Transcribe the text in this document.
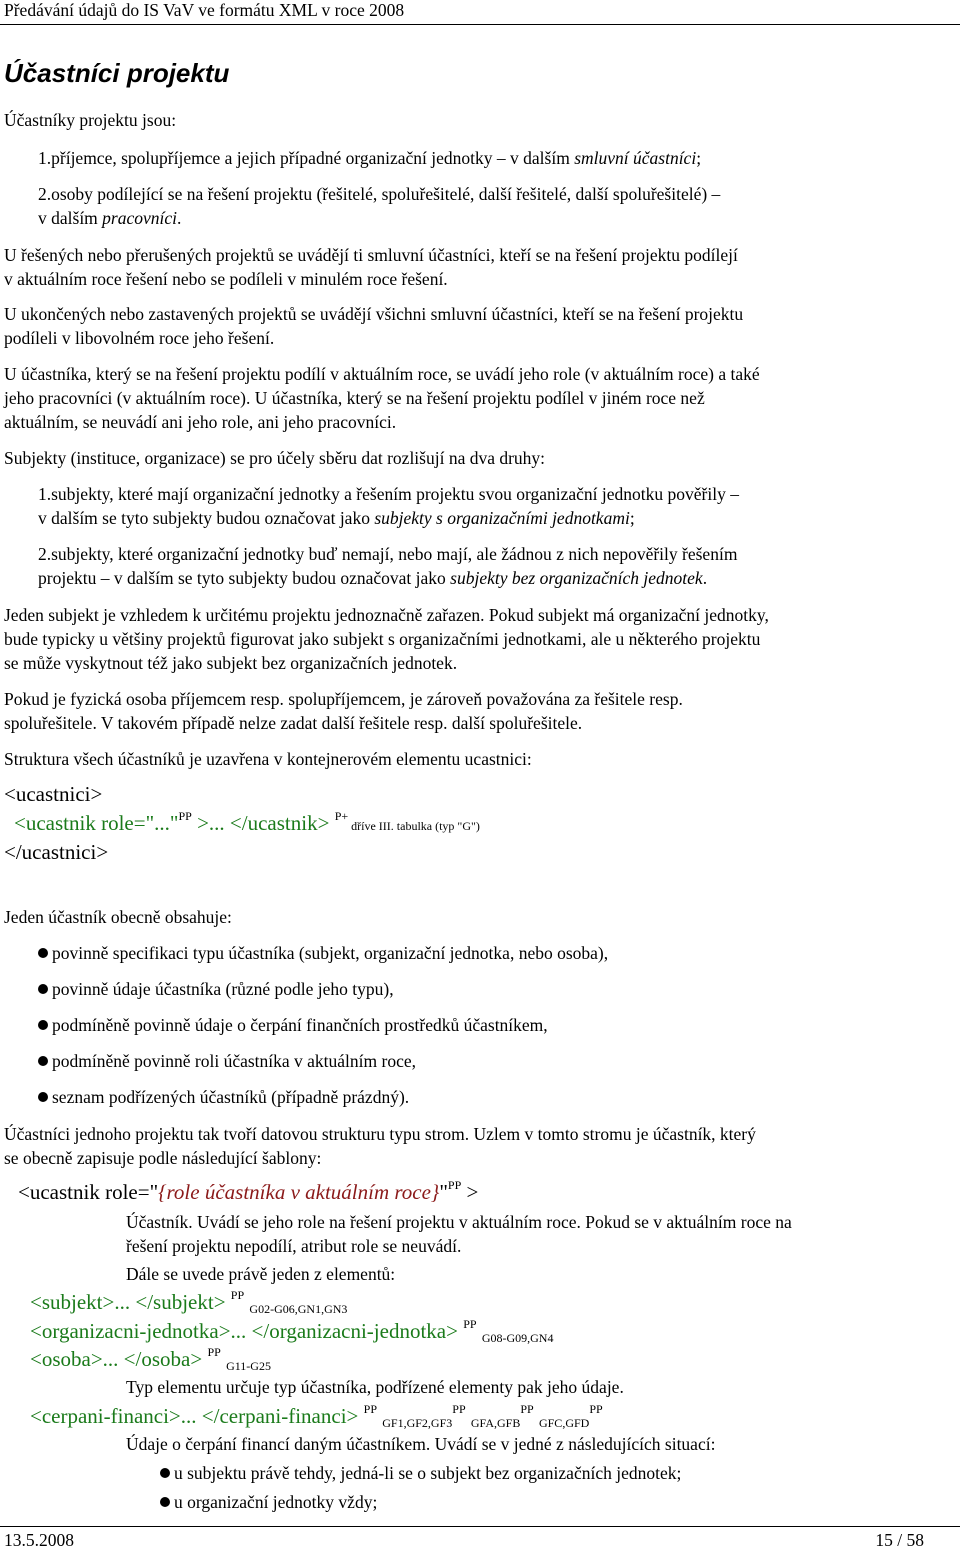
Předávání údajů do IS VaV ve formátu XML v roce 2008
Účastníci projektu
Účastníky projektu jsou:
1.příjemce, spolupříjemce a jejich případné organizační jednotky – v dalším smluvní účastníci;
2.osoby podílející se na řešení projektu (řešitelé, spoluřešitelé, další řešitelé, další spoluřešitelé) –
v dalším pracovníci.
U řešených nebo přerušených projektů se uvádějí ti smluvní účastníci, kteří se na řešení projektu podílejí
v aktuálním roce řešení nebo se podíleli v minulém roce řešení.
U ukončených nebo zastavených projektů se uvádějí všichni smluvní účastníci, kteří se na řešení projektu
podíleli v libovolném roce jeho řešení.
U účastníka, který se na řešení projektu podílí v aktuálním roce, se uvádí jeho role (v aktuálním roce) a také
jeho pracovníci (v aktuálním roce). U účastníka, který se na řešení projektu podílel v jiném roce než
aktuálním, se neuvádí ani jeho role, ani jeho pracovníci.
Subjekty (instituce, organizace) se pro účely sběru dat rozlišují na dva druhy:
1.subjekty, které mají organizační jednotky a řešením projektu svou organizační jednotku pověřily –
v dalším se tyto subjekty budou označovat jako subjekty s organizačními jednotkami;
2.subjekty, které organizační jednotky buď nemají, nebo mají, ale žádnou z nich nepověřily řešením
projektu – v dalším se tyto subjekty budou označovat jako subjekty bez organizačních jednotek.
Jeden subjekt je vzhledem k určitému projektu jednoznačně zařazen. Pokud subjekt má organizační jednotky,
bude typicky u většiny projektů figurovat jako subjekt s organizačními jednotkami, ale u některého projektu
se může vyskytnout též jako subjekt bez organizačních jednotek.
Pokud je fyzická osoba příjemcem resp. spolupříjemcem, je zároveň považována za řešitele resp.
spoluřešitele. V takovém případě nelze zadat další řešitele resp. další spoluřešitele.
Struktura všech účastníků je uzavřena v kontejnerovém elementu ucastnici:
<ucastnici>
<ucastnik role="..."$^{PP}$ >... </ucastnik> $^{P+}$ dříve III. tabulka (typ "G")
</ucastnici>
Jeden účastník obecně obsahuje:
povinně specifikaci typu účastníka (subjekt, organizační jednotka, nebo osoba),
povinně údaje účastníka (různé podle jeho typu),
podmíněně povinně údaje o čerpání finančních prostředků účastníkem,
podmíněně povinně roli účastníka v aktuálním roce,
seznam podřízených účastníků (případně prázdný).
Účastníci jednoho projektu tak tvoří datovou strukturu typu strom. Uzlem v tomto stromu je účastník, který
se obecně zapisuje podle následující šablony:
<ucastnik role="{role účastníka v aktuálním roce}"$^{PP}$ >
Účastník. Uvádí se jeho role na řešení projektu v aktuálním roce. Pokud se v aktuálním roce na
řešení projektu nepodílí, atribut role se neuvádí.
Dále se uvede právě jeden z elementů:
<subjekt>... </subjekt> $^{PP}$ $_{G02-G06,GN1,GN3}$
<organizacni-jednotka>... </organizacni-jednotka> $^{PP}$ $_{G08-G09,GN4}$
<osoba>... </osoba> $^{PP}$ $_{G11-G25}$
Typ elementu určuje typ účastníka, podřízené elementy pak jeho údaje.
<cerpani-financi>... </cerpani-financi> $^{PP}$ $_{GF1,GF2,GF3}^{PP}$ $_{GFA,GFB}^{PP}$ $_{GFC,GFD}^{PP}$
Údaje o čerpání financí daným účastníkem. Uvádí se v jedné z následujících situací:
u subjektu právě tehdy, jedná-li se o subjekt bez organizačních jednotek;
u organizační jednotky vždy;
13.5.2008	15 / 58
